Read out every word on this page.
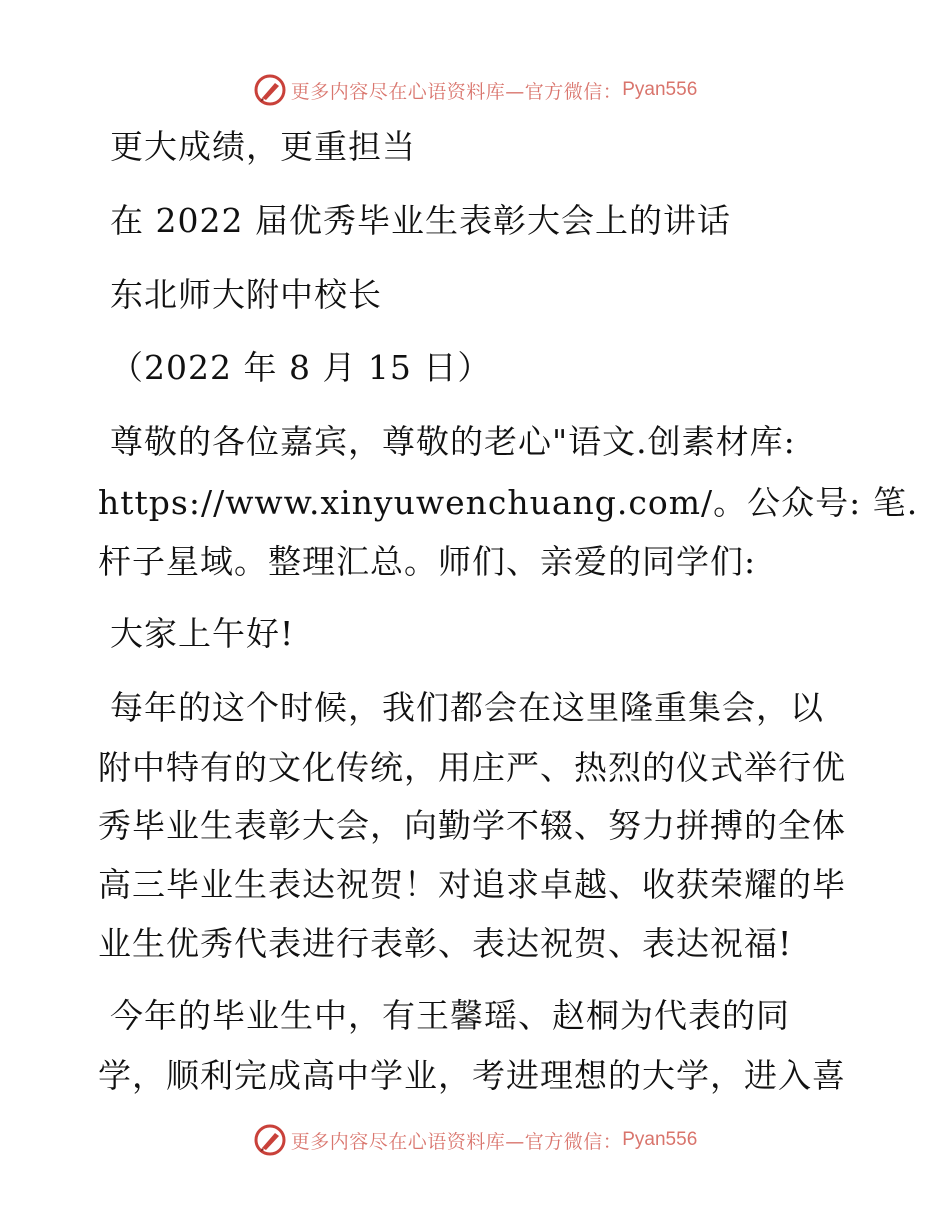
更多内容尽在心语资料库—官方微信： Pyan556
更大成绩，更重担当
在 2022 届优秀毕业生表彰大会上的讲话
东北师大附中校长
（2022 年 8 月 15 日）
尊敬的各位嘉宾，尊敬的老心"语文.创素材库:
https://www.xinyuwenchuang.com/。公众号: 笔.
杆子星域。整理汇总。师们、亲爱的同学们:
大家上午好!
每年的这个时候，我们都会在这里隆重集会，以
附中特有的文化传统，用庄严、热烈的仪式举行优
秀毕业生表彰大会，向勤学不辍、努力拼搏的全体
高三毕业生表达祝贺！对追求卓越、收获荣耀的毕
业生优秀代表进行表彰、表达祝贺、表达祝福!
今年的毕业生中，有王馨瑶、赵桐为代表的同
学，顺利完成高中学业，考进理想的大学，进入喜
更多内容尽在心语资料库—官方微信： Pyan556
